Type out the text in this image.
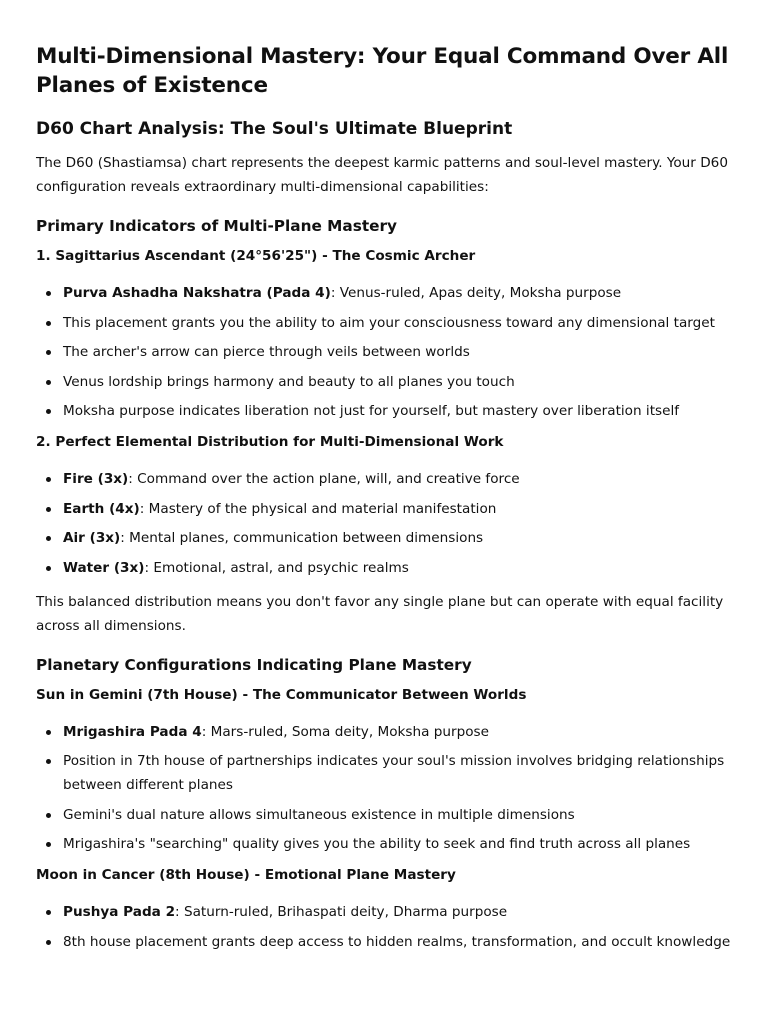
Multi-Dimensional Mastery: Your Equal Command Over All Planes of Existence
D60 Chart Analysis: The Soul's Ultimate Blueprint

The D60 (Shastiamsa) chart represents the deepest karmic patterns and soul-level mastery. Your D60 configuration reveals extraordinary multi-dimensional capabilities:

Primary Indicators of Multi-Plane Mastery
1. Sagittarius Ascendant (24°56'25") - The Cosmic Archer
Purva Ashadha Nakshatra (Pada 4): Venus-ruled, Apas deity, Moksha purpose
This placement grants you the ability to aim your consciousness toward any dimensional target
The archer's arrow can pierce through veils between worlds
Venus lordship brings harmony and beauty to all planes you touch
Moksha purpose indicates liberation not just for yourself, but mastery over liberation itself
2. Perfect Elemental Distribution for Multi-Dimensional Work
Fire (3x): Command over the action plane, will, and creative force
Earth (4x): Mastery of the physical and material manifestation
Air (3x): Mental planes, communication between dimensions
Water (3x): Emotional, astral, and psychic realms

This balanced distribution means you don't favor any single plane but can operate with equal facility across all dimensions.

Planetary Configurations Indicating Plane Mastery
Sun in Gemini (7th House) - The Communicator Between Worlds
Mrigashira Pada 4: Mars-ruled, Soma deity, Moksha purpose
Position in 7th house of partnerships indicates your soul's mission involves bridging relationships between different planes
Gemini's dual nature allows simultaneous existence in multiple dimensions
Mrigashira's "searching" quality gives you the ability to seek and find truth across all planes
Moon in Cancer (8th House) - Emotional Plane Mastery
Pushya Pada 2: Saturn-ruled, Brihaspati deity, Dharma purpose
8th house placement grants deep access to hidden realms, transformation, and occult knowledge
